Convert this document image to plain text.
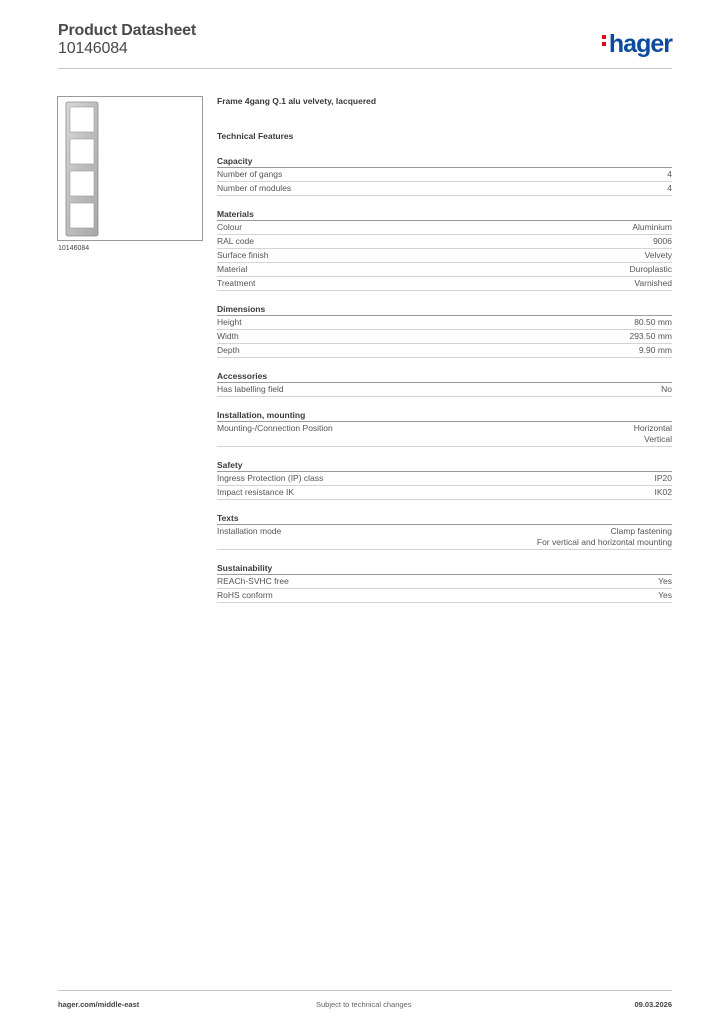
Product Datasheet
10146084	hager
10146084
Frame 4gang Q.1 alu velvety, lacquered
Technical Features
Capacity
Number of gangs	4
Number of modules	4
Materials
Colour	Aluminium
RAL code	9006
Surface finish	Velvety
Material	Duroplastic
Treatment	Varnished
Dimensions
Height	80.50 mm
Width	293.50 mm
Depth	9.90 mm
Accessories
Has labelling field	No
Installation, mounting
Mounting-/Connection Position	Horizontal
Vertical
Safety
Ingress Protection (IP) class	IP20
Impact resistance IK	IK02
Texts
Installation mode	Clamp fastening
For vertical and horizontal mounting
Sustainability
REACh-SVHC free	Yes
RoHS conform	Yes
hager.com/middle-east	Subject to technical changes	09.03.2026
